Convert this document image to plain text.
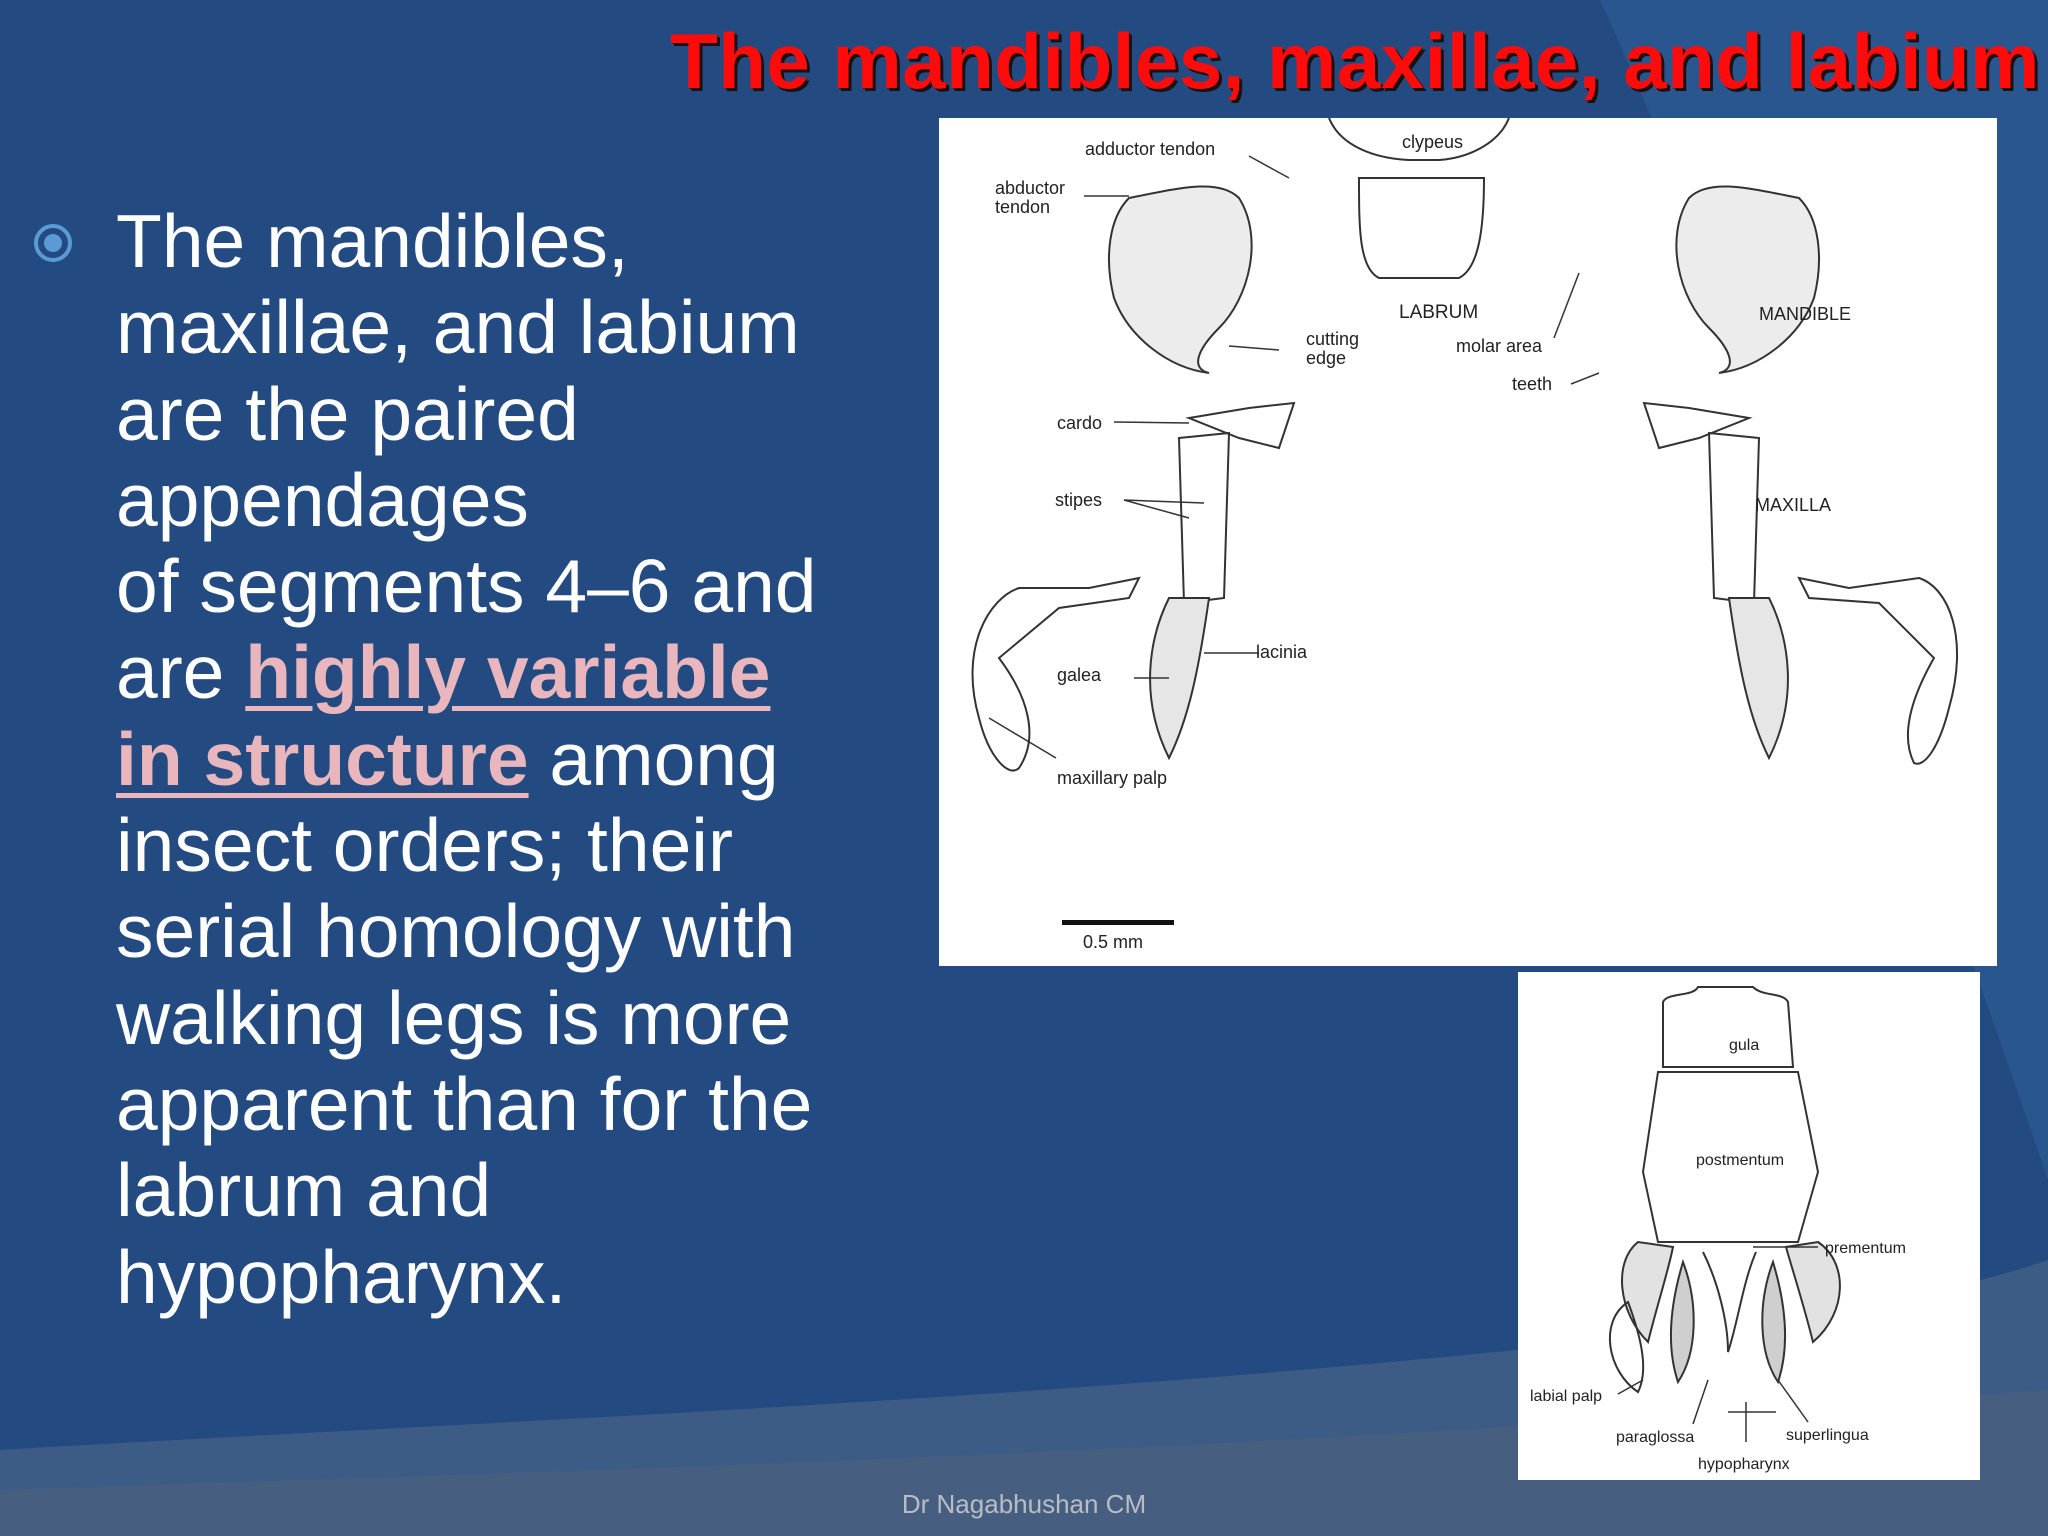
The mandibles, maxillae, and labium
The mandibles,
maxillae, and labium
are the paired
appendages
of segments 4–6 and
are highly variable
in structure among
insect orders; their
serial homology with
walking legs is more
apparent than for the
labrum and
hypopharynx.
clypeus
adductor tendon
abductor
tendon
LABRUM	MANDIBLE
cutting
edge
molar area
teeth
cardo
stipes	MAXILLA
lacinia
galea
maxillary palp
0.5 mm
gula
postmentum
prementum
labial palp
paraglossa	superlingua
hypopharynx
Dr Nagabhushan CM
